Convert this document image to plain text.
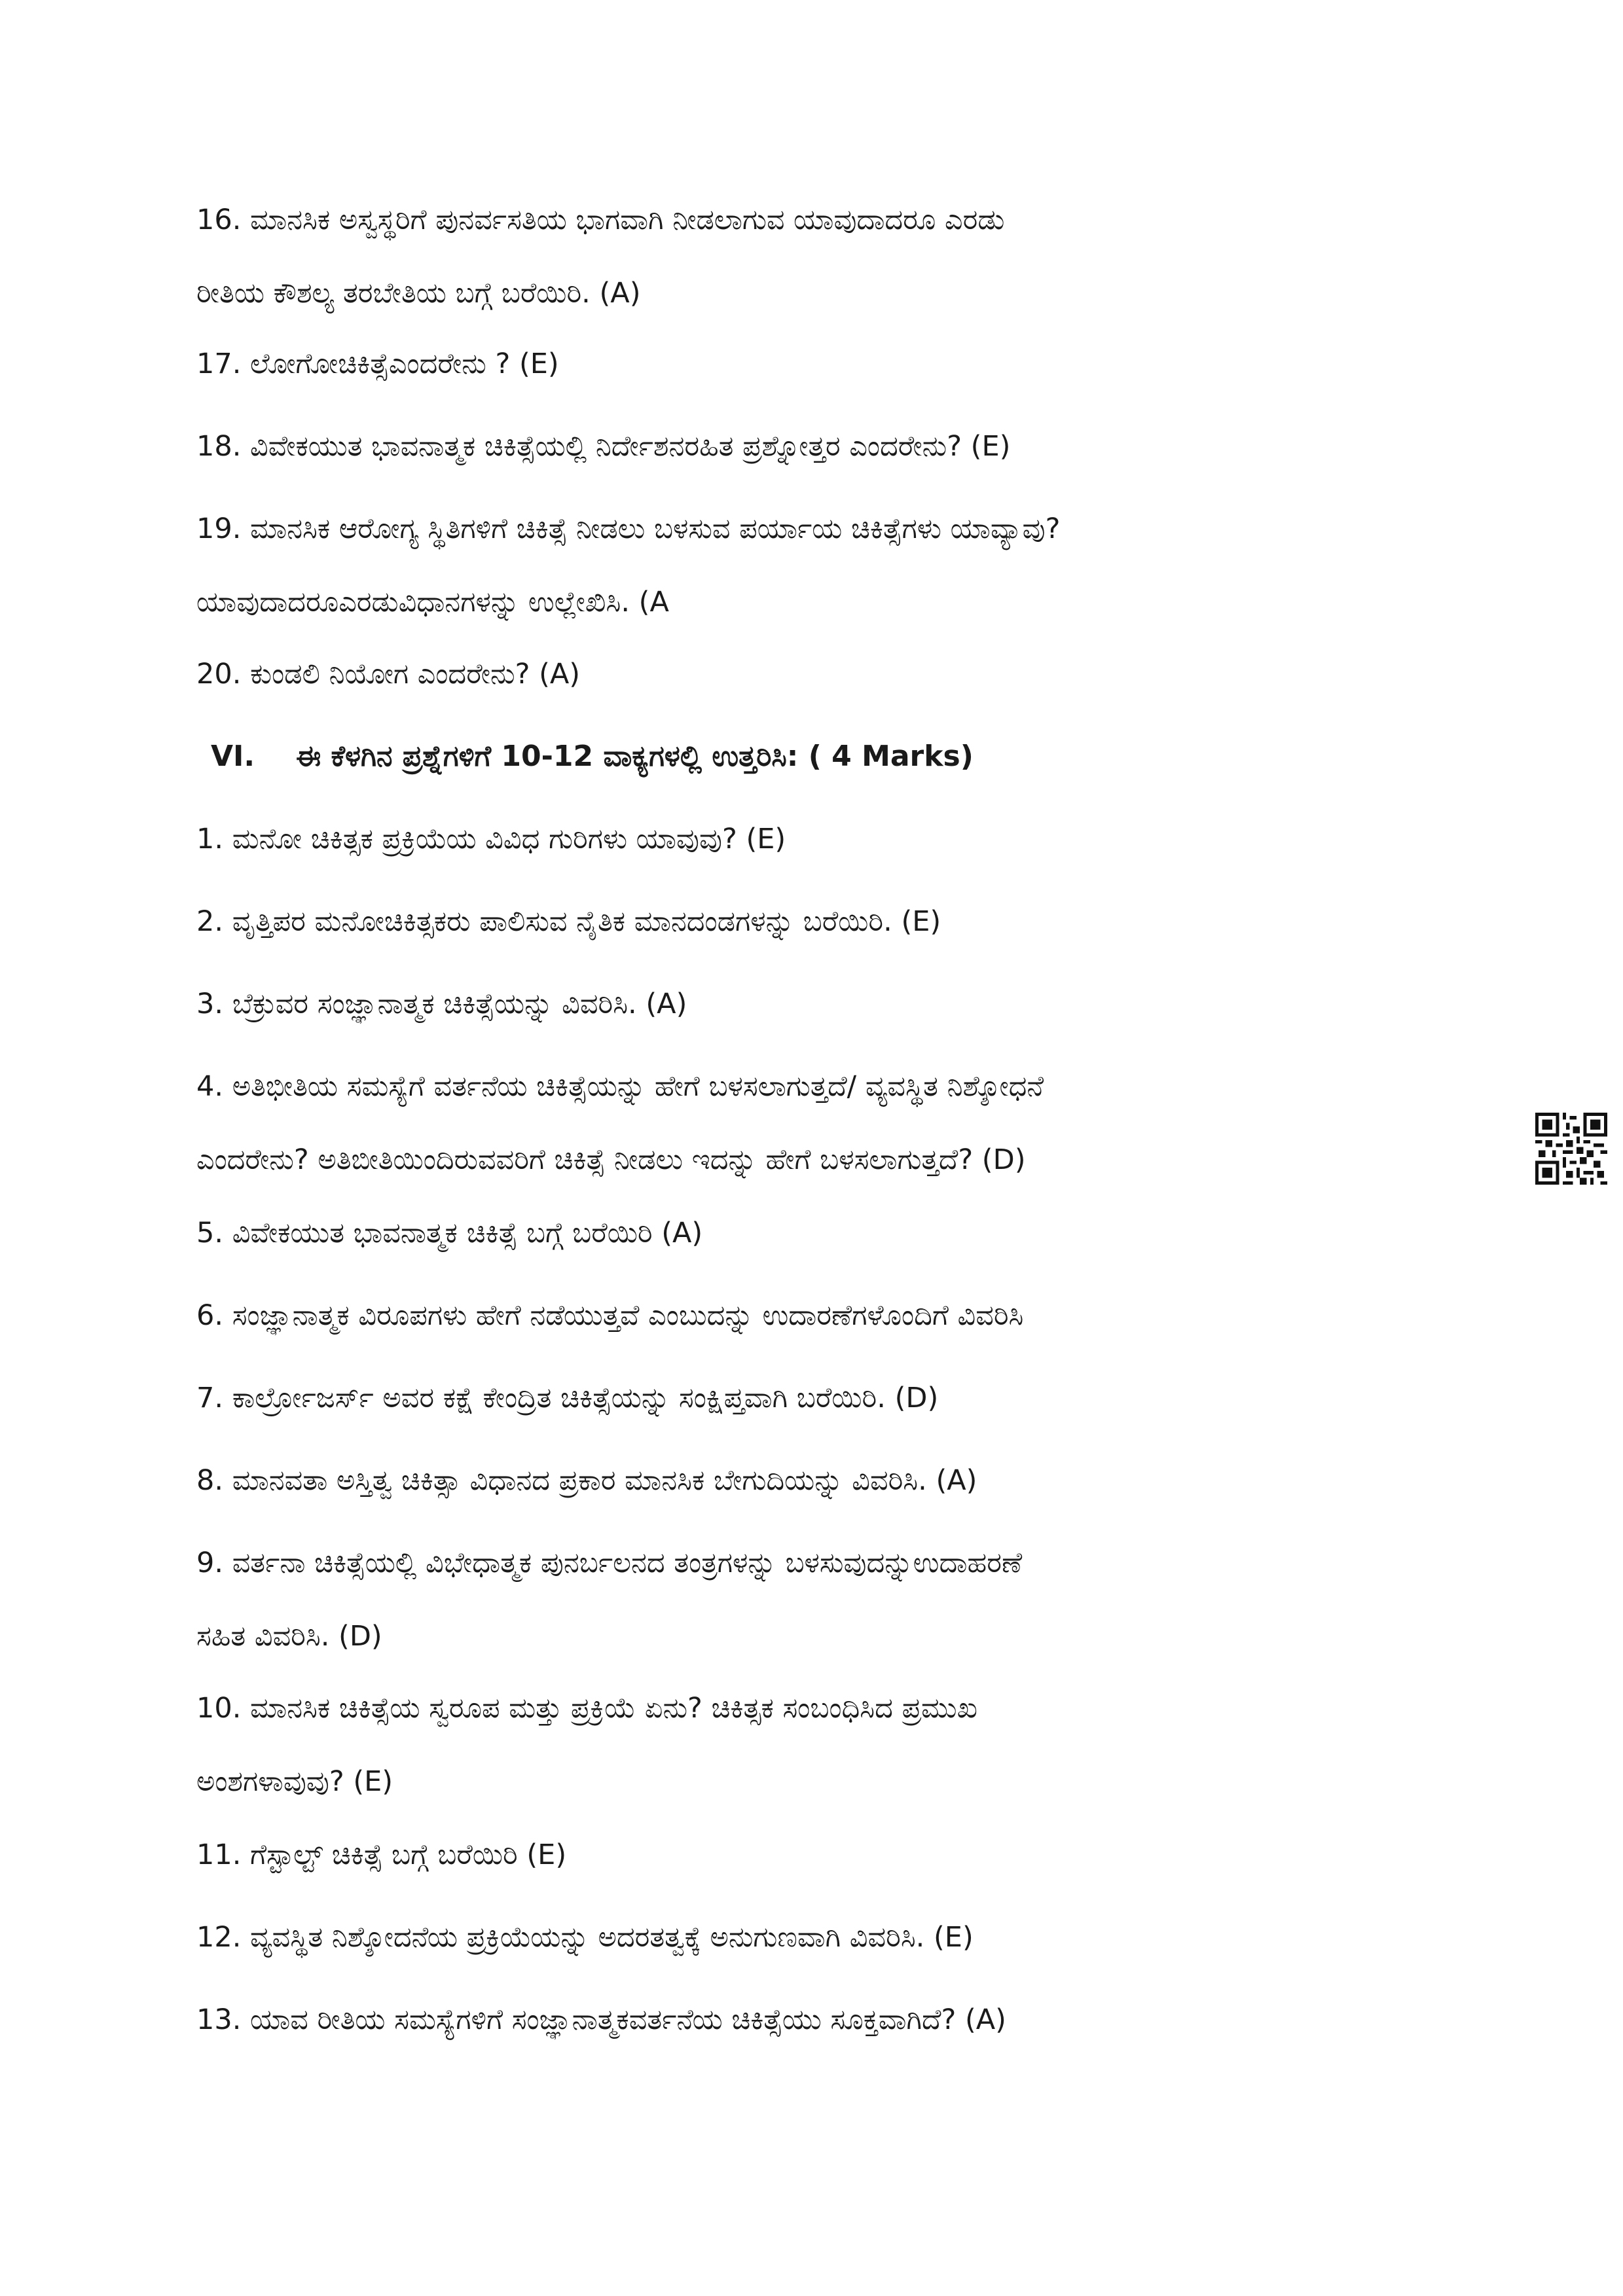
16. ಮಾನಸಿಕ ಅಸ್ವಸ್ಥರಿಗೆ ಪುನರ್ವಸತಿಯ ಭಾಗವಾಗಿ ನೀಡಲಾಗುವ ಯಾವುದಾದರೂ ಎರಡು
ರೀತಿಯ ಕೌಶಲ್ಯ ತರಬೇತಿಯ ಬಗ್ಗೆ ಬರೆಯಿರಿ. (A)
17. ಲೋಗೋಚಿಕಿತ್ಸೆಎಂದರೇನು ? (E)
18. ವಿವೇಕಯುತ ಭಾವನಾತ್ಮಕ ಚಿಕಿತ್ಸೆಯಲ್ಲಿ ನಿರ್ದೇಶನರಹಿತ ಪ್ರಶ್ನೋತ್ತರ ಎಂದರೇನು? (E)
19. ಮಾನಸಿಕ ಆರೋಗ್ಯ ಸ್ಥಿತಿಗಳಿಗೆ ಚಿಕಿತ್ಸೆ ನೀಡಲು ಬಳಸುವ ಪರ್ಯಾಯ ಚಿಕಿತ್ಸೆಗಳು ಯಾವ್ಯಾವು?
ಯಾವುದಾದರೂಎರಡುವಿಧಾನಗಳನ್ನು ಉಲ್ಲೇಖಿಸಿ. (A
20. ಕುಂಡಲಿ ನಿಯೋಗ ಎಂದರೇನು? (A)
VI. ಈ ಕೆಳಗಿನ ಪ್ರಶ್ನೆಗಳಿಗೆ 10-12 ವಾಕ್ಯಗಳಲ್ಲಿ ಉತ್ತರಿಸಿ: ( 4 Marks)
1. ಮನೋ ಚಿಕಿತ್ಸಕ ಪ್ರಕ್ರಿಯೆಯ ವಿವಿಧ ಗುರಿಗಳು ಯಾವುವು? (E)
2. ವೃತ್ತಿಪರ ಮನೋಚಿಕಿತ್ಸಕರು ಪಾಲಿಸುವ ನೈತಿಕ ಮಾನದಂಡಗಳನ್ನು ಬರೆಯಿರಿ. (E)
3. ಬೆಕ್ರುವರ ಸಂಜ್ಞಾನಾತ್ಮಕ ಚಿಕಿತ್ಸೆಯನ್ನು ವಿವರಿಸಿ. (A)
4. ಅತಿಭೀತಿಯ ಸಮಸ್ಯೆಗೆ ವರ್ತನೆಯ ಚಿಕಿತ್ಸೆಯನ್ನು ಹೇಗೆ ಬಳಸಲಾಗುತ್ತದೆ/ ವ್ಯವಸ್ಥಿತ ನಿಶ್ಶೋಧನೆ
ಎಂದರೇನು? ಅತಿಬೀತಿಯಿಂದಿರುವವರಿಗೆ ಚಿಕಿತ್ಸೆ ನೀಡಲು ಇದನ್ನು ಹೇಗೆ ಬಳಸಲಾಗುತ್ತದೆ? (D)
5. ವಿವೇಕಯುತ ಭಾವನಾತ್ಮಕ ಚಿಕಿತ್ಸೆ ಬಗ್ಗೆ ಬರೆಯಿರಿ (A)
6. ಸಂಜ್ಞಾನಾತ್ಮಕ ವಿರೂಪಗಳು ಹೇಗೆ ನಡೆಯುತ್ತವೆ ಎಂಬುದನ್ನು ಉದಾರಣೆಗಳೊಂದಿಗೆ ವಿವರಿಸಿ
7. ಕಾರ್ಲ್ರೋಜರ್ಸ್ ಅವರ ಕಕ್ಷೆ ಕೇಂದ್ರಿತ ಚಿಕಿತ್ಸೆಯನ್ನು ಸಂಕ್ಷಿಪ್ತವಾಗಿ ಬರೆಯಿರಿ. (D)
8. ಮಾನವತಾ ಅಸ್ತಿತ್ವ ಚಿಕಿತ್ಸಾ ವಿಧಾನದ ಪ್ರಕಾರ ಮಾನಸಿಕ ಬೇಗುದಿಯನ್ನು ವಿವರಿಸಿ. (A)
9. ವರ್ತನಾ ಚಿಕಿತ್ಸೆಯಲ್ಲಿ ವಿಭೇಧಾತ್ಮಕ ಪುನರ್ಬಲನದ ತಂತ್ರಗಳನ್ನು ಬಳಸುವುದನ್ನುಉದಾಹರಣೆ
ಸಹಿತ ವಿವರಿಸಿ. (D)
10. ಮಾನಸಿಕ ಚಿಕಿತ್ಸೆಯ ಸ್ವರೂಪ ಮತ್ತು ಪ್ರಕ್ರಿಯೆ ಏನು? ಚಿಕಿತ್ಸಕ ಸಂಬಂಧಿಸಿದ ಪ್ರಮುಖ
ಅಂಶಗಳಾವುವು? (E)
11. ಗೆಸ್ಟಾಲ್ಟ್ ಚಿಕಿತ್ಸೆ ಬಗ್ಗೆ ಬರೆಯಿರಿ (E)
12. ವ್ಯವಸ್ಥಿತ ನಿಶ್ಶೋದನೆಯ ಪ್ರಕ್ರಿಯೆಯನ್ನು ಅದರತತ್ವಕ್ಕೆ ಅನುಗುಣವಾಗಿ ವಿವರಿಸಿ. (E)
13. ಯಾವ ರೀತಿಯ ಸಮಸ್ಯೆಗಳಿಗೆ ಸಂಜ್ಞಾನಾತ್ಮಕವರ್ತನೆಯ ಚಿಕಿತ್ಸೆಯು ಸೂಕ್ತವಾಗಿದೆ? (A)
